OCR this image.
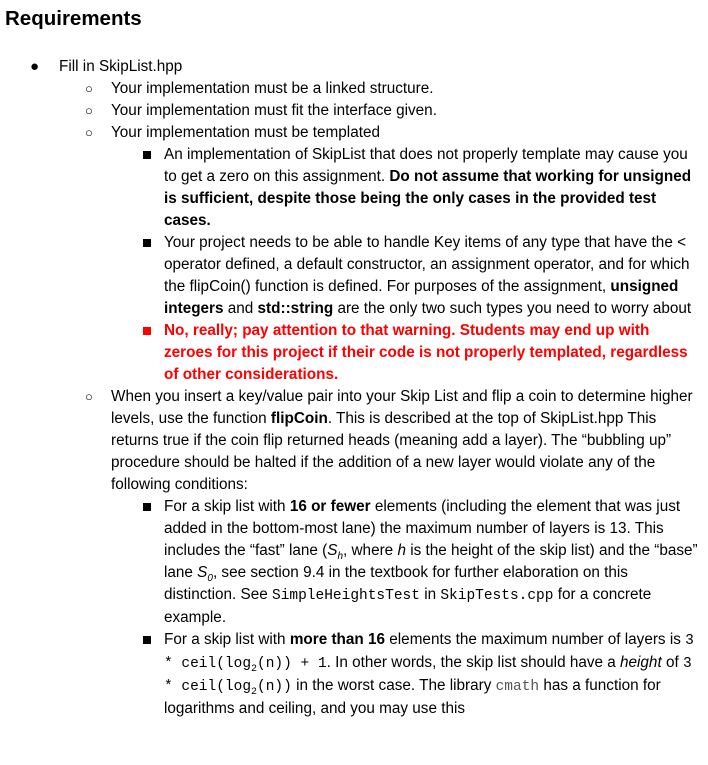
Requirements
● Fill in SkipList.hpp
○ Your implementation must be a linked structure.
○ Your implementation must fit the interface given.
○ Your implementation must be templated
An implementation of SkipList that does not properly template may cause you to get a zero on this assignment. Do not assume that working for unsigned is sufficient, despite those being the only cases in the provided test cases.
Your project needs to be able to handle Key items of any type that have the < operator defined, a default constructor, an assignment operator, and for which the flipCoin() function is defined. For purposes of the assignment, unsigned integers and std::string are the only two such types you need to worry about
No, really; pay attention to that warning. Students may end up with zeroes for this project if their code is not properly templated, regardless of other considerations.
○ When you insert a key/value pair into your Skip List and flip a coin to determine higher levels, use the function flipCoin. This is described at the top of SkipList.hpp This returns true if the coin flip returned heads (meaning add a layer). The “bubbling up” procedure should be halted if the addition of a new layer would violate any of the following conditions:
For a skip list with 16 or fewer elements (including the element that was just added in the bottom-most lane) the maximum number of layers is 13. This includes the “fast” lane ($S_h$, where h is the height of the skip list) and the “base” lane $S_0$, see section 9.4 in the textbook for further elaboration on this distinction. See SimpleHeightsTest in SkipTests.cpp for a concrete example.
For a skip list with more than 16 elements the maximum number of layers is $3 * ceil(\log_2(n)) + 1$. In other words, the skip list should have a height of $3 * ceil(\log_2(n))$ in the worst case. The library cmath has a function for logarithms and ceiling, and you may use this
